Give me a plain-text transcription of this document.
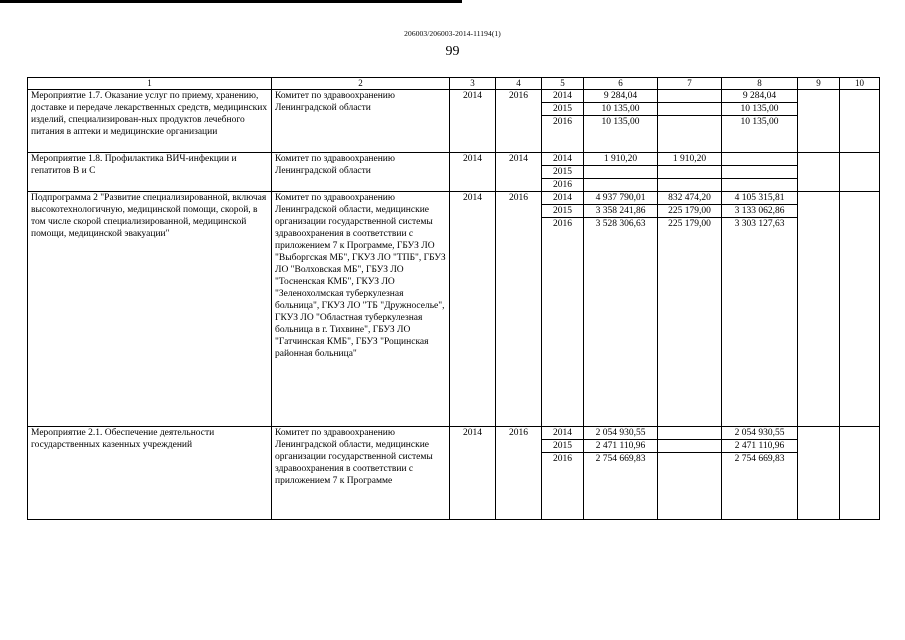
206003/206003-2014-11194(1)
99
1	2	3	4	5	6	7	8	9	10
Мероприятие 1.7. Оказание услуг по приему, хранению, доставке и передаче лекарственных средств, медицинских изделий, специализирован-ных продуктов лечебного питания в аптеки и медицинские организации	Комитет по здравоохранению Ленинградской области	2014	2016	2014	9 284,04		9 284,04		
				2015	10 135,00		10 135,00		
				2016	10 135,00		10 135,00		
Мероприятие 1.8. Профилактика ВИЧ-инфекции и гепатитов В и С	Комитет по здравоохранению Ленинградской области	2014	2014	2014	1 910,20	1 910,20			
				2015					
				2016					
Подпрограмма 2 "Развитие специализированной, включая высокотехнологичную, медицинской помощи, скорой, в том числе скорой специализированной, медицинской помощи, медицинской эвакуации"	Комитет по здравоохранению Ленинградской области, медицинские организации государственной системы здравоохранения в соответствии с приложением 7 к Программе, ГБУЗ ЛО "Выборгская МБ", ГКУЗ ЛО "ТПБ", ГБУЗ ЛО "Волховская МБ", ГБУЗ ЛО "Тосненская КМБ", ГКУЗ ЛО "Зеленохолмская туберкулезная больница", ГКУЗ ЛО "ТБ "Дружноселье", ГКУЗ ЛО "Областная туберкулезная больница в г. Тихвине", ГБУЗ ЛО "Гатчинская КМБ", ГБУЗ "Рощинская районная больница"	2014	2016	2014	4 937 790,01	832 474,20	4 105 315,81		
				2015	3 358 241,86	225 179,00	3 133 062,86		
				2016	3 528 306,63	225 179,00	3 303 127,63		
Мероприятие 2.1. Обеспечение деятельности государственных казенных учреждений	Комитет по здравоохранению Ленинградской области, медицинские организации государственной системы здравоохранения в соответствии с приложением 7 к Программе	2014	2016	2014	2 054 930,55		2 054 930,55		
				2015	2 471 110,96		2 471 110,96		
				2016	2 754 669,83		2 754 669,83		
